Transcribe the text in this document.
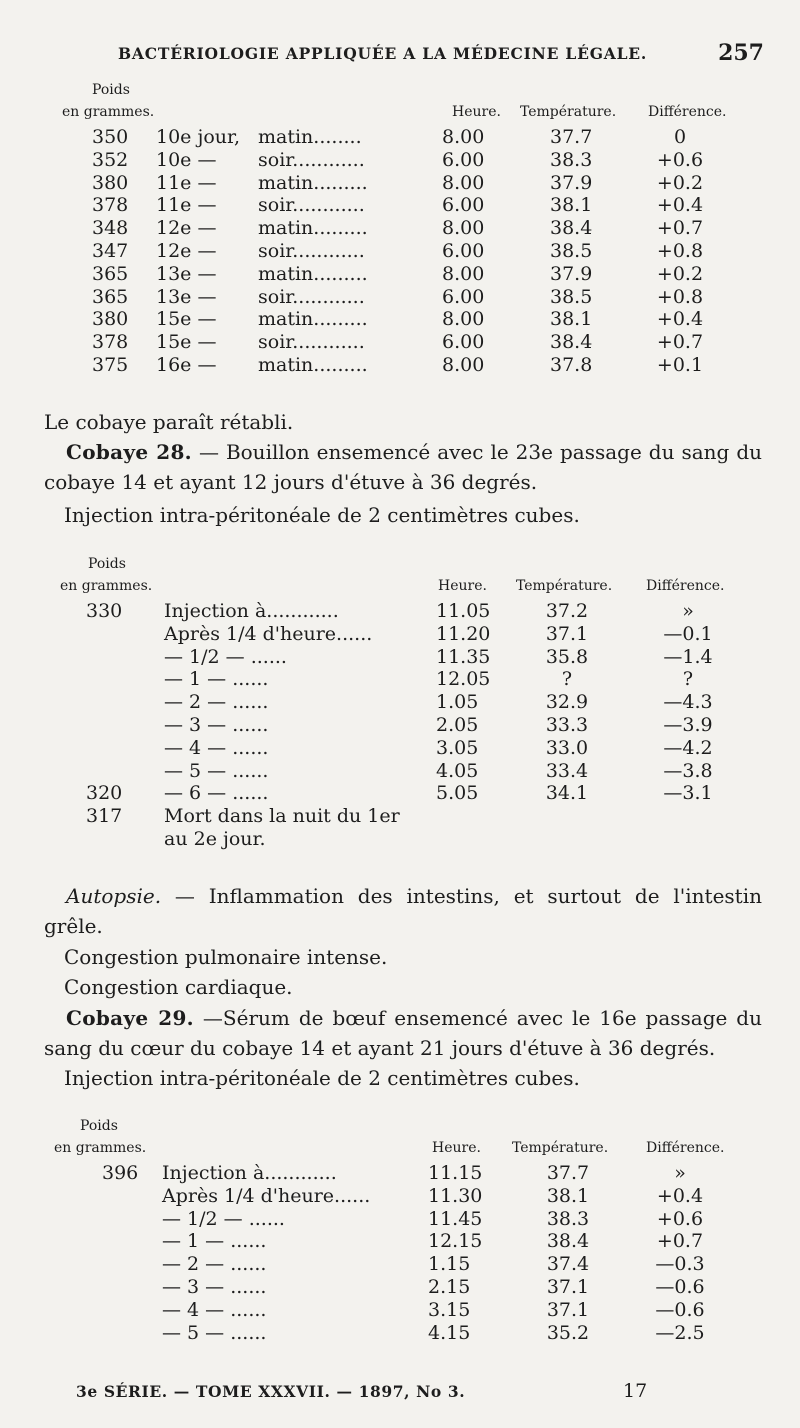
BACTÉRIOLOGIE APPLIQUÉE A LA MÉDECINE LÉGALE.	257
Poids
en grammes.	Heure. Température. Différence.
350 10e jour, matin........	8.00	37.7	0
352 10e — soir............	6.00	38.3	+0.6
380 11e — matin.........	8.00	37.9	+0.2
378 11e — soir............	6.00	38.1	+0.4
348 12e — matin.........	8.00	38.4	+0.7
347 12e — soir............	6.00	38.5	+0.8
365 13e — matin.........	8.00	37.9	+0.2
365 13e — soir............	6.00	38.5	+0.8
380 15e — matin.........	8.00	38.1	+0.4
378 15e — soir............	6.00	38.4	+0.7
375 16e — matin.........	8.00	37.8	+0.1
Le cobaye paraît rétabli.
Cobaye 28. — Bouillon ensemencé avec le 23e passage du sang du cobaye 14 et ayant 12 jours d'étuve à 36 degrés.
Injection intra-péritonéale de 2 centimètres cubes.
Poids
en grammes.	Heure. Température. Différence.
330 Injection à............	11.05	37.2	»
Après 1/4 d'heure......	11.20	37.1	—0.1
— 1/2 — ......	11.35	35.8	—1.4
— 1 — ......	12.05	?	?
— 2 — ......	1.05	32.9	—4.3
— 3 — ......	2.05	33.3	—3.9
— 4 — ......	3.05	33.0	—4.2
— 5 — ......	4.05	33.4	—3.8
320 — 6 — ......	5.05	34.1	—3.1
317 Mort dans la nuit du 1er
au 2e jour.
Autopsie. — Inflammation des intestins, et surtout de l'intestin grêle.
Congestion pulmonaire intense.
Congestion cardiaque.
Cobaye 29. —Sérum de bœuf ensemencé avec le 16e passage du sang du cœur du cobaye 14 et ayant 21 jours d'étuve à 36 degrés.
Injection intra-péritonéale de 2 centimètres cubes.
Poids
en grammes.	Heure. Température.	Différence.
396 Injection à............	11.15	37.7	»
Après 1/4 d'heure......	11.30	38.1	+0.4
— 1/2 — ......	11.45	38.3	+0.6
— 1 — ......	12.15	38.4	+0.7
— 2 — ......	1.15	37.4	—0.3
— 3 — ......	2.15	37.1	—0.6
— 4 — ......	3.15	37.1	—0.6
— 5 — ......	4.15	35.2	—2.5
3e SÉRIE. — TOME XXXVII. — 1897, No 3.	17
